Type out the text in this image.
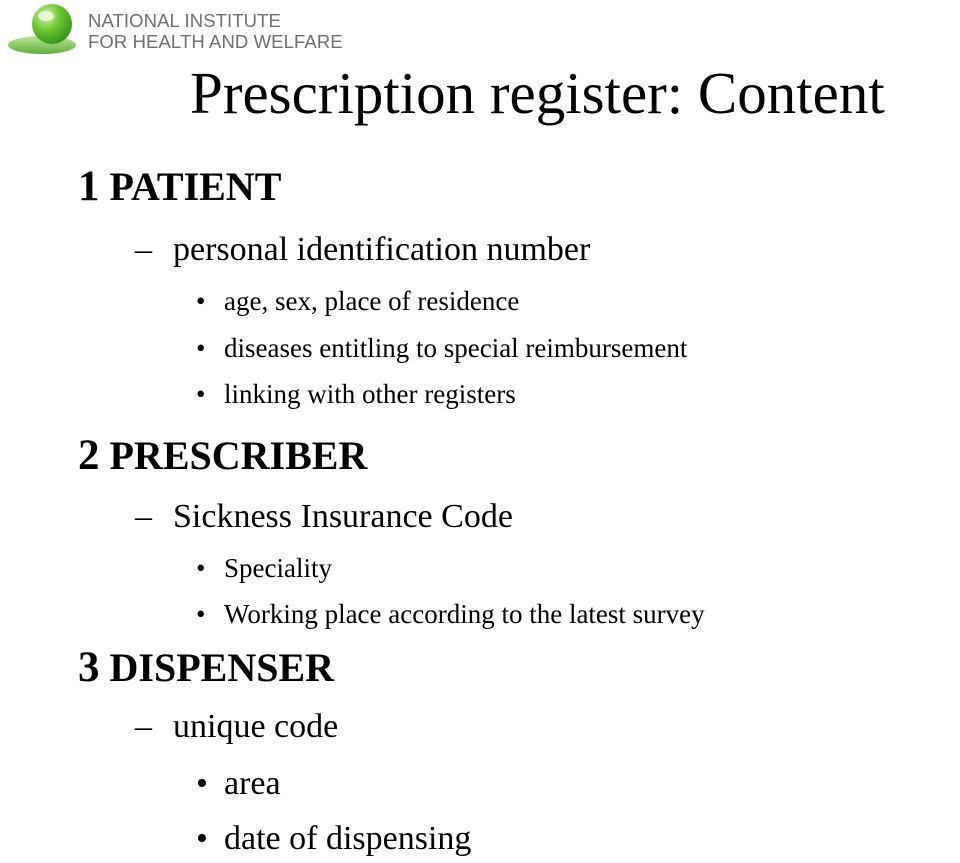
NATIONAL INSTITUTE
FOR HEALTH AND WELFARE
Prescription register: Content
1 PATIENT
– personal identification number
• age, sex, place of residence
• diseases entitling to special reimbursement
• linking with other registers
2 PRESCRIBER
– Sickness Insurance Code
• Speciality
• Working place according to the latest survey
3 DISPENSER
– unique code
• area
• date of dispensing
